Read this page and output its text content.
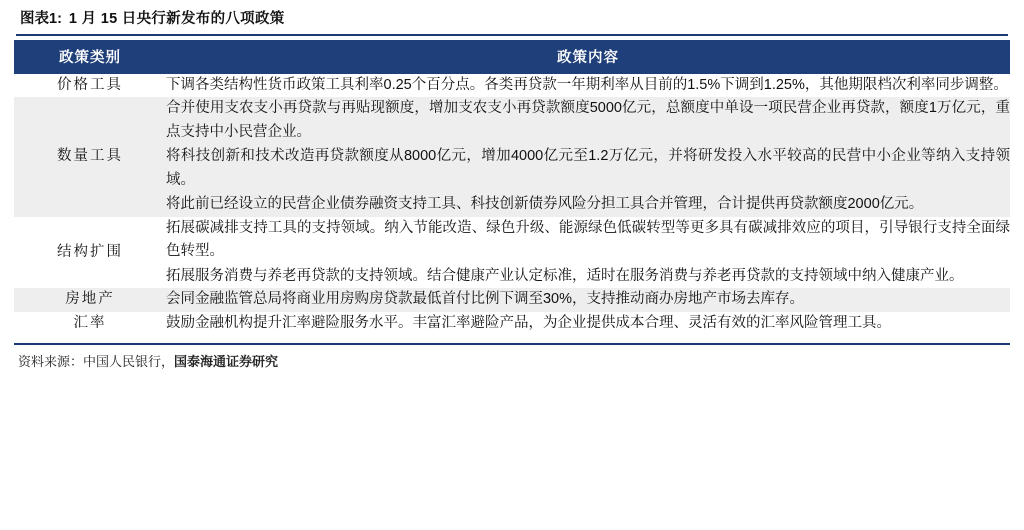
图表1: 1 月 15 日央行新发布的八项政策
政策类别	政策内容
价格工具	下调各类结构性货币政策工具利率0.25个百分点。各类再贷款一年期利率从目前的1.5%下调到1.25%，其他期限档次利率同步调整。

数量工具	合并使用支农支小再贷款与再贴现额度，增加支农支小再贷款额度5000亿元，总额度中单设一项民营企业再贷款，额度1万亿元，重点支持中小民营企业。

将科技创新和技术改造再贷款额度从8000亿元，增加4000亿元至1.2万亿元，并将研发投入水平较高的民营中小企业等纳入支持领域。

将此前已经设立的民营企业债券融资支持工具、科技创新债券风险分担工具合并管理，合计提供再贷款额度2000亿元。

结构扩围	拓展碳减排支持工具的支持领域。纳入节能改造、绿色升级、能源绿色低碳转型等更多具有碳减排效应的项目，引导银行支持全面绿色转型。

拓展服务消费与养老再贷款的支持领域。结合健康产业认定标准，适时在服务消费与养老再贷款的支持领域中纳入健康产业。

房地产	会同金融监管总局将商业用房购房贷款最低首付比例下调至30%，支持推动商办房地产市场去库存。

汇率	鼓励金融机构提升汇率避险服务水平。丰富汇率避险产品，为企业提供成本合理、灵活有效的汇率风险管理工具。

资料来源：中国人民银行，国泰海通证券研究
